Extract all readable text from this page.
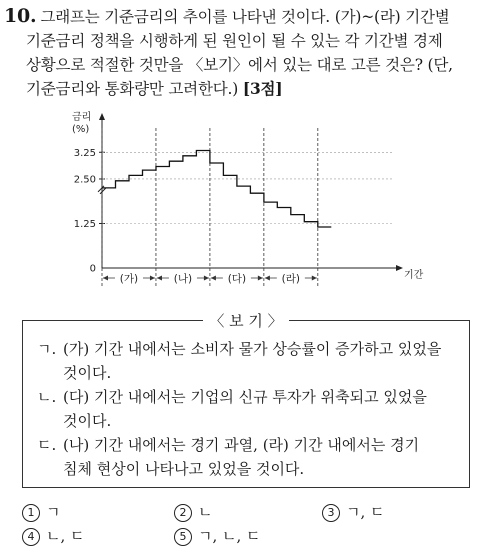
10. 그래프는 기준금리의 추이를 나타낸 것이다. (가)~(라) 기간별
기준금리 정책을 시행하게 된 원인이 될 수 있는 각 기간별 경제
상황으로 적절한 것만을 〈보기〉에서 있는 대로 고른 것은? (단,
기준금리와 통화량만 고려한다.) [3점]
금리
(%)
기간
0
1.25
2.50
3.25
(가)	(나)	(다)	(라)
〈 보 기 〉
ㄱ. (가) 기간 내에서는 소비자 물가 상승률이 증가하고 있었을
것이다.
ㄴ. (다) 기간 내에서는 기업의 신규 투자가 위축되고 있었을
것이다.
ㄷ. (나) 기간 내에서는 경기 과열, (라) 기간 내에서는 경기
침체 현상이 나타나고 있었을 것이다.
1 ㄱ	2 ㄴ	3 ㄱ, ㄷ
4 ㄴ, ㄷ	5 ㄱ, ㄴ, ㄷ
